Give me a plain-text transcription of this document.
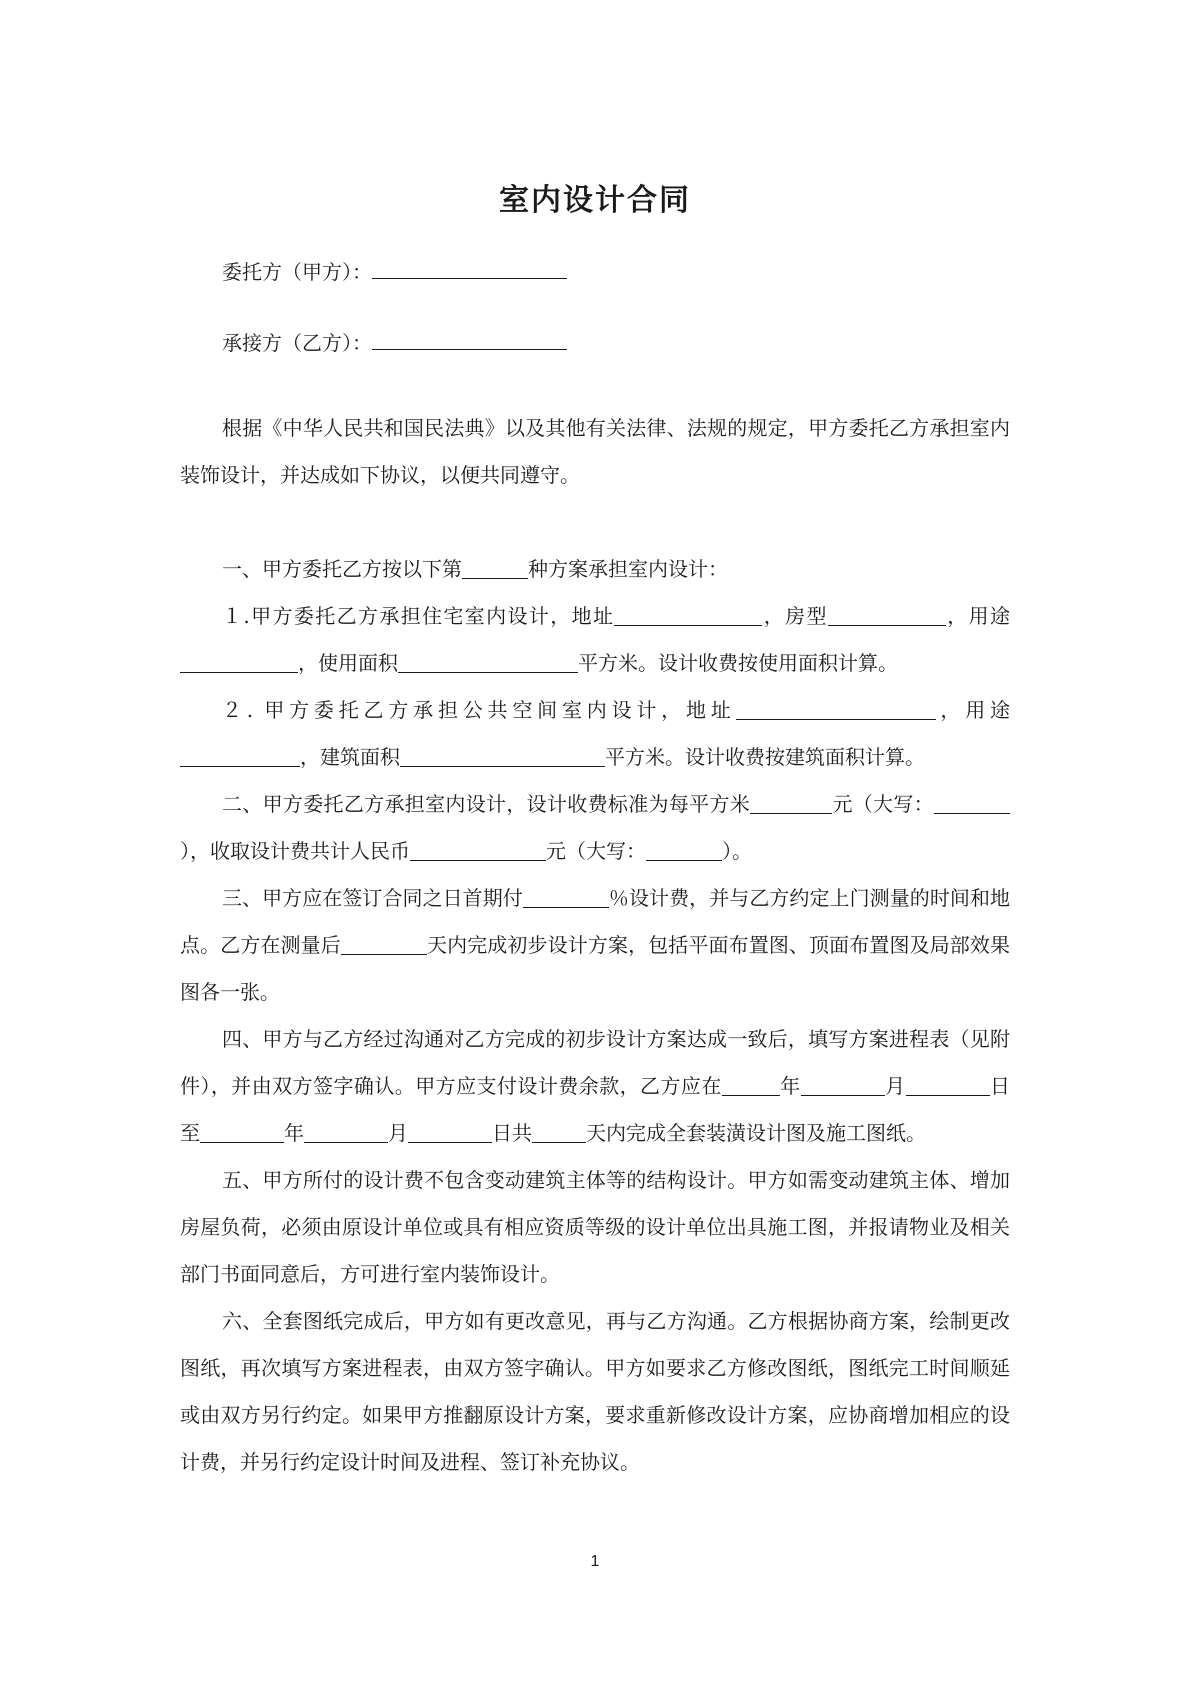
室内设计合同
委托方（甲方）：
承接方（乙方）：

根据《中华人民共和国民法典》以及其他有关法律、法规的规定，甲方委托乙方承担室内装饰设计，并达成如下协议，以便共同遵守。

一、甲方委托乙方按以下第	种方案承担室内设计：

１.甲方委托乙方承担住宅室内设计，地址	，房型	，用途，使用面积	平方米。设计收费按使用面积计算。

２. 甲方委托乙方承担公共空间室内设计，地址	，用途，建筑面积	平方米。设计收费按建筑面积计算。

二、甲方委托乙方承担室内设计，设计收费标准为每平方米	元（大写：），收取设计费共计人民币	元（大写：	）。

三、甲方应在签订合同之日首期付	％设计费，并与乙方约定上门测量的时间和地点。乙方在测量后	天内完成初步设计方案，包括平面布置图、顶面布置图及局部效果图各一张。

四、甲方与乙方经过沟通对乙方完成的初步设计方案达成一致后，填写方案进程表（见附件），并由双方签字确认。甲方应支付设计费余款，乙方应在	年	月	日至	年	月	日共	天内完成全套装潢设计图及施工图纸。

五、甲方所付的设计费不包含变动建筑主体等的结构设计。甲方如需变动建筑主体、增加房屋负荷，必须由原设计单位或具有相应资质等级的设计单位出具施工图，并报请物业及相关部门书面同意后，方可进行室内装饰设计。

六、全套图纸完成后，甲方如有更改意见，再与乙方沟通。乙方根据协商方案，绘制更改图纸，再次填写方案进程表，由双方签字确认。甲方如要求乙方修改图纸，图纸完工时间顺延或由双方另行约定。如果甲方推翻原设计方案，要求重新修改设计方案，应协商增加相应的设计费，并另行约定设计时间及进程、签订补充协议。

1
